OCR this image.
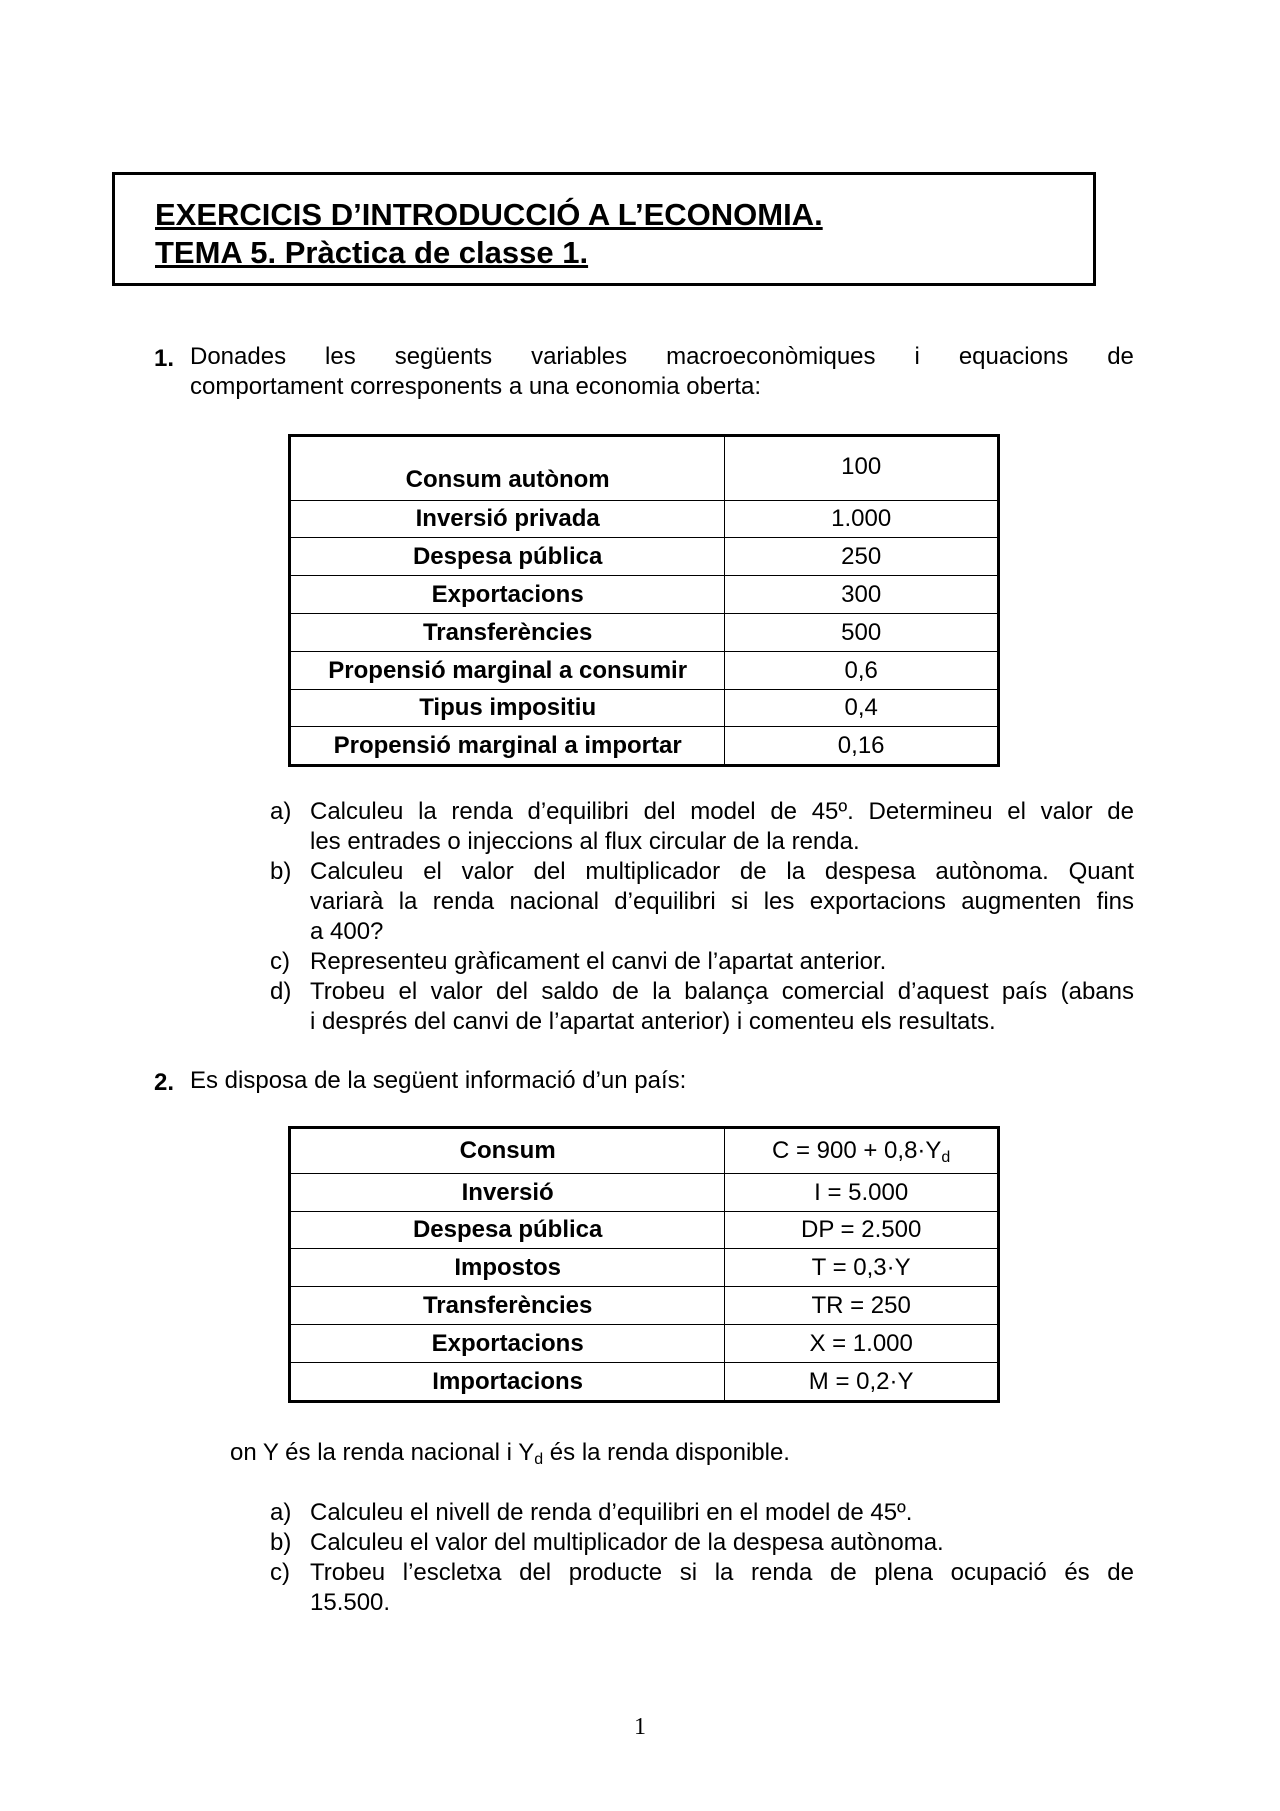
EXERCICIS D’INTRODUCCIÓ A L’ECONOMIA.
TEMA 5. Pràctica de classe 1.
1. Donades les següents variables macroeconòmiques i equacions de
comportament corresponents a una economia oberta:
Consum autònom	100
Inversió privada	1.000
Despesa pública	250
Exportacions	300
Transferències	500
Propensió marginal a consumir	0,6
Tipus impositiu	0,4
Propensió marginal a importar	0,16
a) Calculeu la renda d’equilibri del model de 45º. Determineu el valor de
les entrades o injeccions al flux circular de la renda.
b) Calculeu el valor del multiplicador de la despesa autònoma. Quant
variarà la renda nacional d’equilibri si les exportacions augmenten fins
a 400?
c) Representeu gràficament el canvi de l’apartat anterior.
d) Trobeu el valor del saldo de la balança comercial d’aquest país (abans
i després del canvi de l’apartat anterior) i comenteu els resultats.
2. Es disposa de la següent informació d’un país:
Consum	$C = 900 + 0,8\cdot Y_d$
Inversió	I = 5.000
Despesa pública	DP = 2.500
Impostos	T = 0,3·Y
Transferències	TR = 250
Exportacions	X = 1.000
Importacions	M = 0,2·Y
on Y és la renda nacional i $Y_d$ és la renda disponible.
a) Calculeu el nivell de renda d’equilibri en el model de 45º.
b) Calculeu el valor del multiplicador de la despesa autònoma.
c) Trobeu l’escletxa del producte si la renda de plena ocupació és de
15.500.
1
